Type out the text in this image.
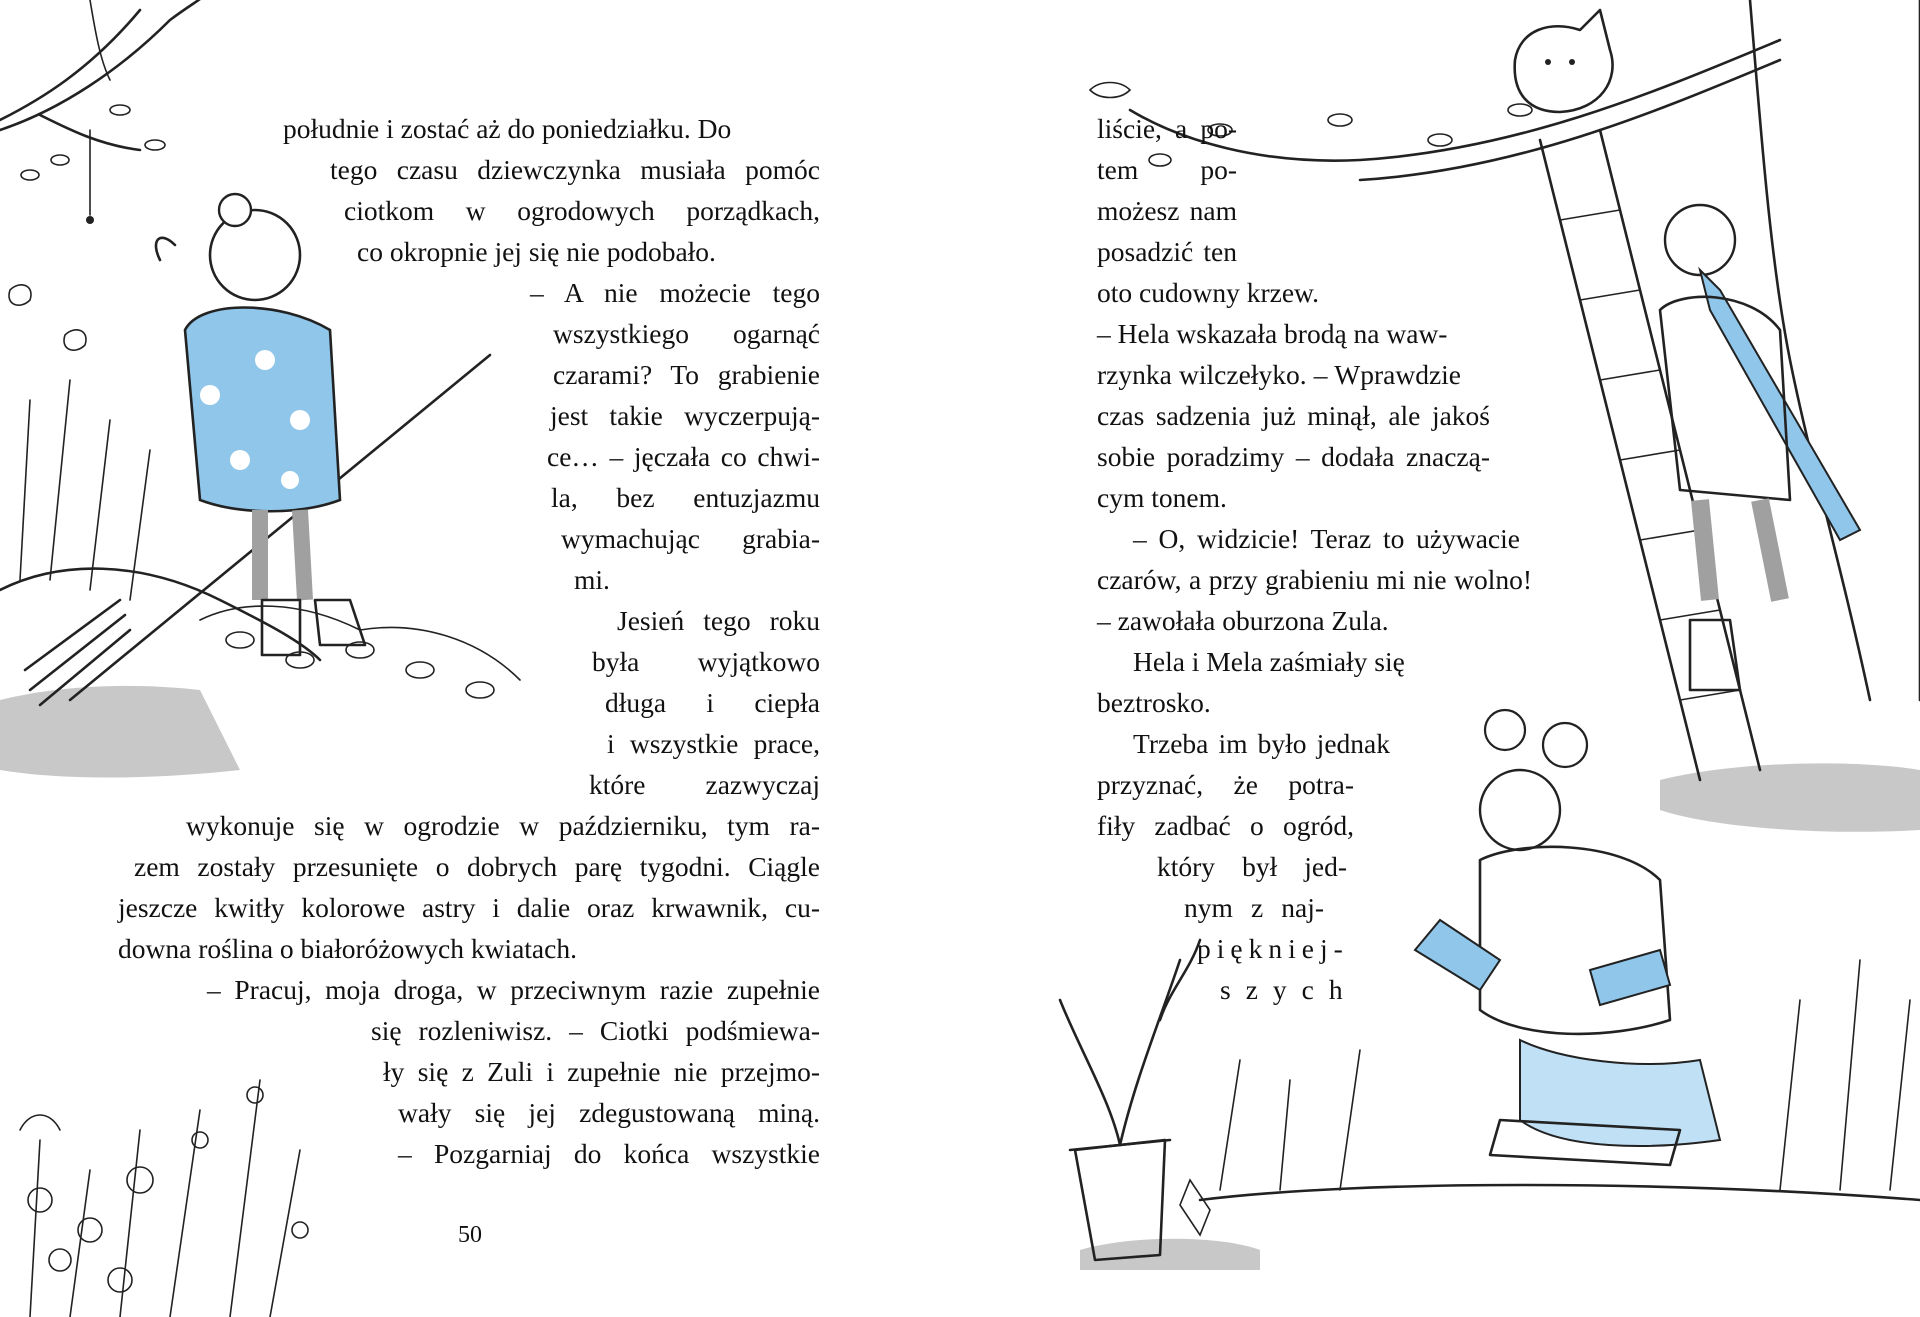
południe i zostać aż do poniedziałku. Do
tego czasu dziewczynka musiała pomóc
ciotkom w ogrodowych porządkach,
co okropnie jej się nie podobało.
– A nie możecie tego
wszystkiego ogarnąć
czarami? To grabienie
jest takie wyczerpują-
ce… – jęczała co chwi-
la, bez entuzjazmu
wymachując grabia-
mi.
Jesień tego roku
była wyjątkowo
długa i ciepła
i wszystkie prace,
które zazwyczaj
wykonuje się w ogrodzie w październiku, tym ra-
zem zostały przesunięte o dobrych parę tygodni. Ciągle
jeszcze kwitły kolorowe astry i dalie oraz krwawnik, cu-
downa roślina o białoróżowych kwiatach.
– Pracuj, moja droga, w przeciwnym razie zupełnie
się rozleniwisz. – Ciotki podśmiewa-
ły się z Zuli i zupełnie nie przejmo-
wały się jej zdegustowaną miną.
– Pozgarniaj do końca wszystkie
50
liście, a po-
tem po-
możesz nam
posadzić ten
oto cudowny krzew.
– Hela wskazała brodą na waw-
rzynka wilczełyko. – Wprawdzie
czas sadzenia już minął, ale jakoś
sobie poradzimy – dodała znaczą-
cym tonem.
– O, widzicie! Teraz to używacie
czarów, a przy grabieniu mi nie wolno!
– zawołała oburzona Zula.
Hela i Mela zaśmiały się
beztrosko.
Trzeba im było jednak
przyznać, że potra-
fiły zadbać o ogród,
który był jed-
nym z naj-
piękniej-
szych
